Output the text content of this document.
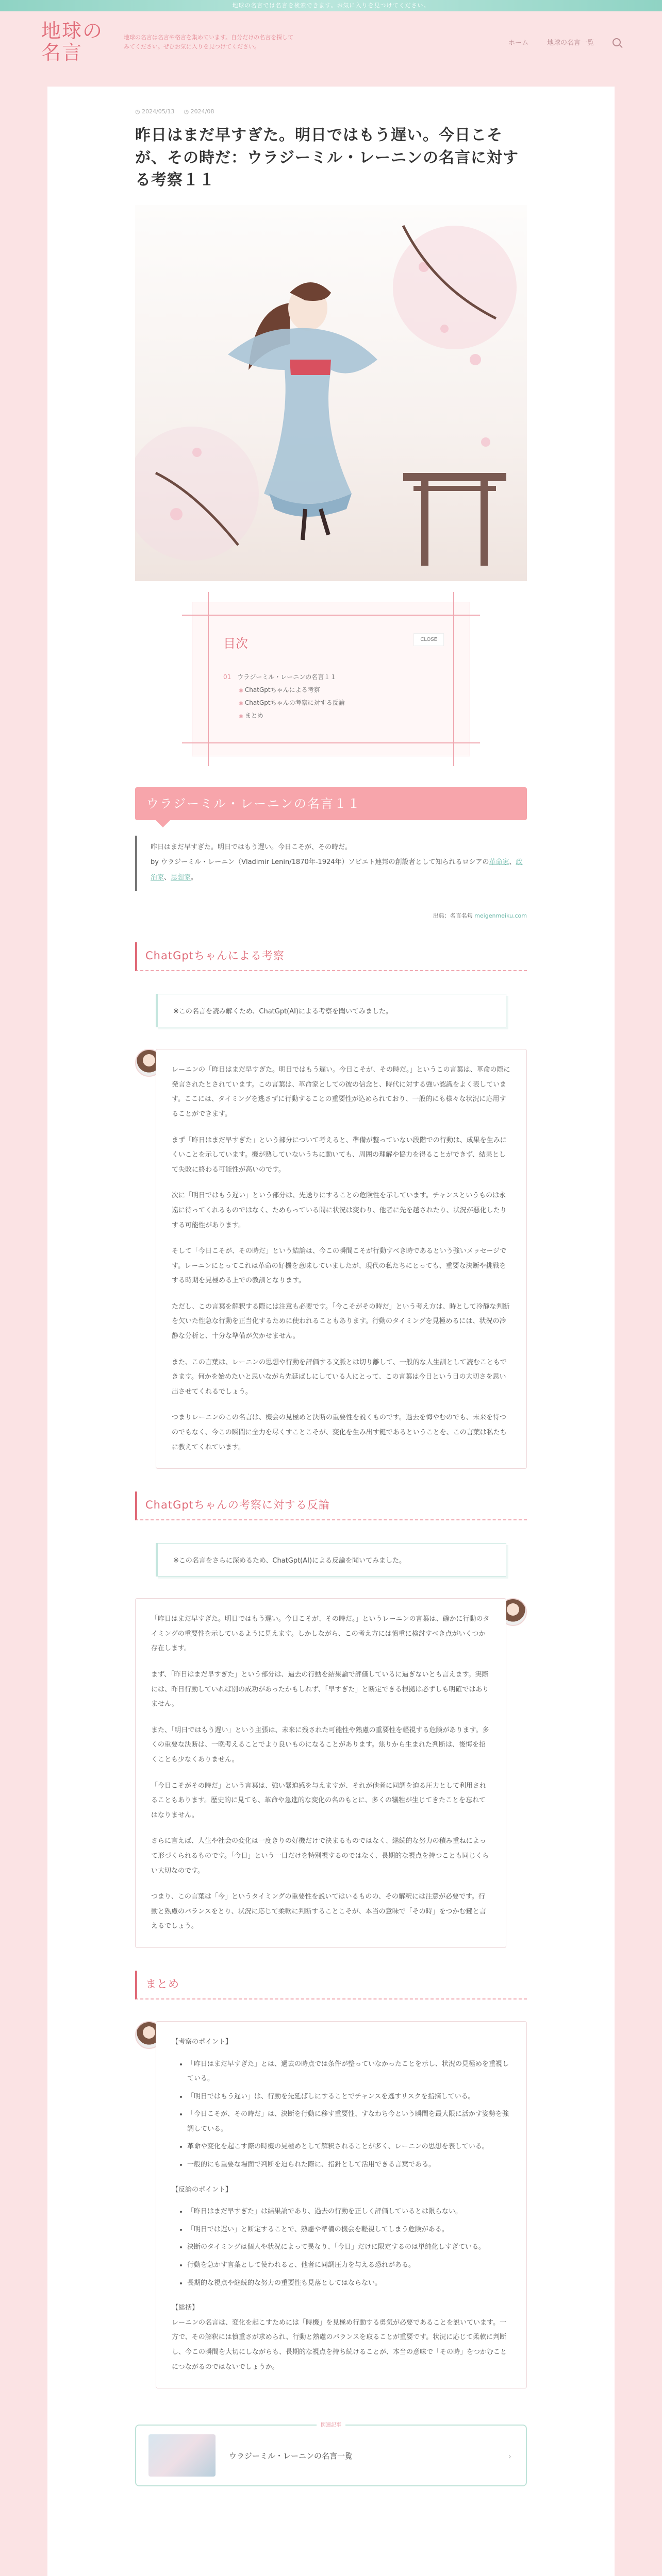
地球の名言では名言を検索できます。お気に入りを見つけてください。
地球の名言
地球の名言は名言や格言を集めています。自分だけの名言を探してみてください。ぜひお気に入りを見つけてください。	ホーム	地球の名言一覧
◷ 2024/05/13
◷	2024/08
昨日はまだ早すぎた。明日ではもう遅い。今日こそが、その時だ：ウラジーミル・レーニンの名言に対する考察１１
目次	CLOSE
01 ウラジーミル・レーニンの名言１１
◉ ChatGptちゃんによる考察
◉ ChatGptちゃんの考察に対する反論
◉ まとめ
ウラジーミル・レーニンの名言１１

昨日はまだ早すぎた。明日ではもう遅い。今日こそが、その時だ。

by ウラジーミル・レーニン（Vladimir Lenin/1870年-1924年）ソビエト連邦の創設者として知られるロシアの革命家、政治家、思想家。

出典：名言名句 meigenmeiku.com
ChatGptちゃんによる考察
※この名言を読み解くため、ChatGpt(AI)による考察を聞いてみました。

レーニンの「昨日はまだ早すぎた。明日ではもう遅い。今日こそが、その時だ。」というこの言葉は、革命の際に発言されたとされています。この言葉は、革命家としての彼の信念と、時代に対する強い認識をよく表しています。ここには、タイミングを逃さずに行動することの重要性が込められており、一般的にも様々な状況に応用することができます。

まず「昨日はまだ早すぎた」という部分について考えると、準備が整っていない段階での行動は、成果を生みにくいことを示しています。機が熟していないうちに動いても、周囲の理解や協力を得ることができず、結果として失敗に終わる可能性が高いのです。

次に「明日ではもう遅い」という部分は、先送りにすることの危険性を示しています。チャンスというものは永遠に待ってくれるものではなく、ためらっている間に状況は変わり、他者に先を越されたり、状況が悪化したりする可能性があります。

そして「今日こそが、その時だ」という結論は、今この瞬間こそが行動すべき時であるという強いメッセージです。レーニンにとってこれは革命の好機を意味していましたが、現代の私たちにとっても、重要な決断や挑戦をする時期を見極める上での教訓となります。

ただし、この言葉を解釈する際には注意も必要です。「今こそがその時だ」という考え方は、時として冷静な判断を欠いた性急な行動を正当化するために使われることもあります。行動のタイミングを見極めるには、状況の冷静な分析と、十分な準備が欠かせません。

また、この言葉は、レーニンの思想や行動を評価する文脈とは切り離して、一般的な人生訓として読むこともできます。何かを始めたいと思いながら先延ばしにしている人にとって、この言葉は今日という日の大切さを思い出させてくれるでしょう。

つまりレーニンのこの名言は、機会の見極めと決断の重要性を説くものです。過去を悔やむのでも、未来を待つのでもなく、今この瞬間に全力を尽くすことこそが、変化を生み出す鍵であるということを、この言葉は私たちに教えてくれています。

ChatGptちゃんの考察に対する反論
※この名言をさらに深めるため、ChatGpt(AI)による反論を聞いてみました。

「昨日はまだ早すぎた。明日ではもう遅い。今日こそが、その時だ。」というレーニンの言葉は、確かに行動のタイミングの重要性を示しているように見えます。しかしながら、この考え方には慎重に検討すべき点がいくつか存在します。

まず、「昨日はまだ早すぎた」という部分は、過去の行動を結果論で評価しているに過ぎないとも言えます。実際には、昨日行動していれば別の成功があったかもしれず、「早すぎた」と断定できる根拠は必ずしも明確ではありません。

また、「明日ではもう遅い」という主張は、未来に残された可能性や熟慮の重要性を軽視する危険があります。多くの重要な決断は、一晩考えることでより良いものになることがあります。焦りから生まれた判断は、後悔を招くことも少なくありません。

「今日こそがその時だ」という言葉は、強い緊迫感を与えますが、それが他者に同調を迫る圧力として利用されることもあります。歴史的に見ても、革命や急進的な変化の名のもとに、多くの犠牲が生じてきたことを忘れてはなりません。

さらに言えば、人生や社会の変化は一度きりの好機だけで決まるものではなく、継続的な努力の積み重ねによって形づくられるものです。「今日」という一日だけを特別視するのではなく、長期的な視点を持つことも同じくらい大切なのです。

つまり、この言葉は「今」というタイミングの重要性を説いてはいるものの、その解釈には注意が必要です。行動と熟慮のバランスをとり、状況に応じて柔軟に判断することこそが、本当の意味で「その時」をつかむ鍵と言えるでしょう。

まとめ
【考察のポイント】
• 「昨日はまだ早すぎた」とは、過去の時点では条件が整っていなかったことを示し、状況の見極めを重視している。
• 「明日ではもう遅い」は、行動を先延ばしにすることでチャンスを逃すリスクを指摘している。
• 「今日こそが、その時だ」は、決断を行動に移す重要性、すなわち今という瞬間を最大限に活かす姿勢を強調している。
• 革命や変化を起こす際の時機の見極めとして解釈されることが多く、レーニンの思想を表している。
• 一般的にも重要な場面で判断を迫られた際に、指針として活用できる言葉である。
【反論のポイント】
• 「昨日はまだ早すぎた」は結果論であり、過去の行動を正しく評価しているとは限らない。
• 「明日では遅い」と断定することで、熟慮や準備の機会を軽視してしまう危険がある。
• 決断のタイミングは個人や状況によって異なり、「今日」だけに限定するのは単純化しすぎている。
• 行動を急かす言葉として使われると、他者に同調圧力を与える恐れがある。
• 長期的な視点や継続的な努力の重要性も見落としてはならない。
【総括】

レーニンの名言は、変化を起こすためには「時機」を見極め行動する勇気が必要であることを説いています。一方で、その解釈には慎重さが求められ、行動と熟慮のバランスを取ることが重要です。状況に応じて柔軟に判断し、今この瞬間を大切にしながらも、長期的な視点を持ち続けることが、本当の意味で「その時」をつかむことにつながるのではないでしょうか。

関連記事
ウラジーミル・レーニンの名言一覧	›
